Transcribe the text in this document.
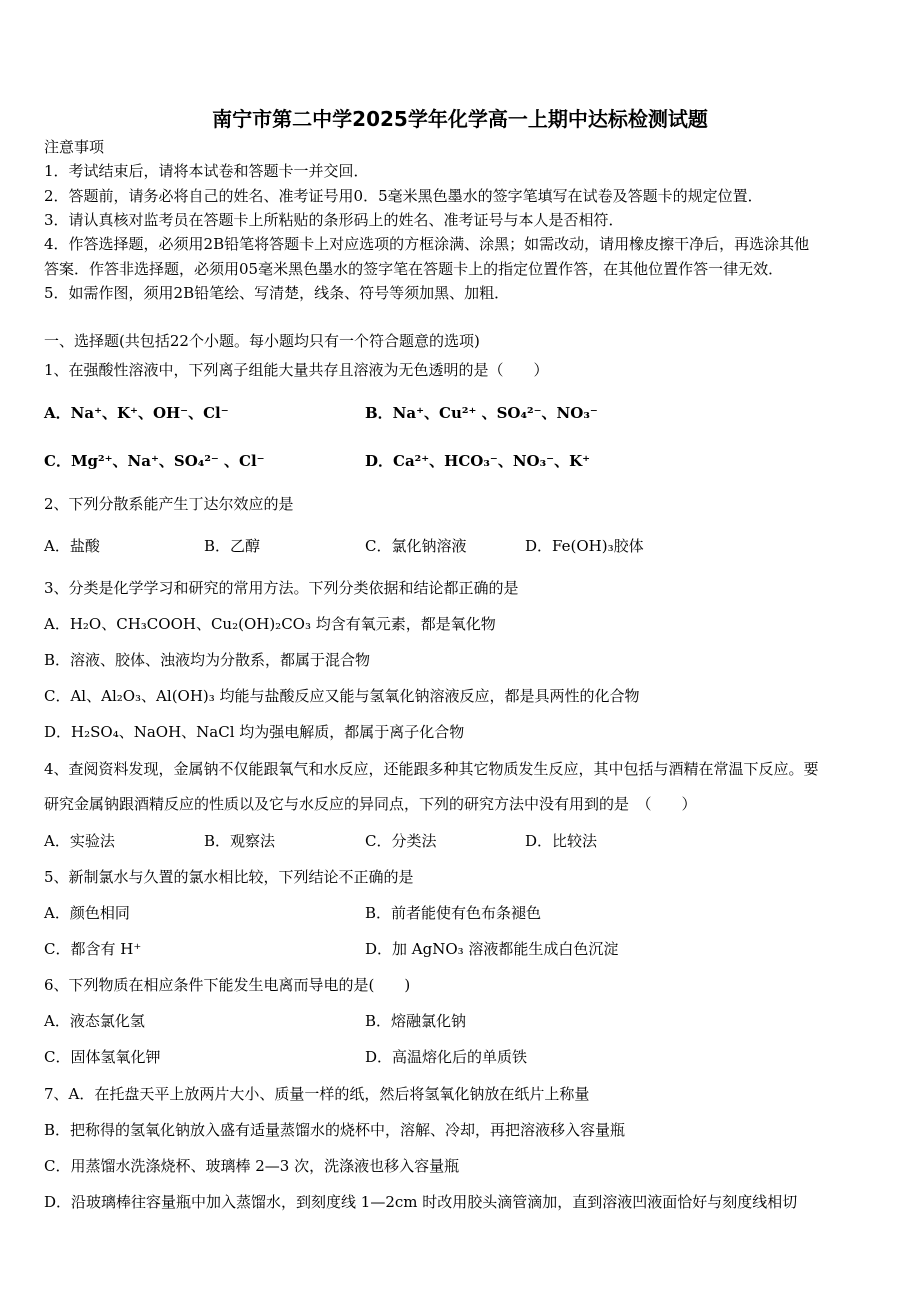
南宁市第二中学2025学年化学高一上期中达标检测试题
注意事项
1．考试结束后，请将本试卷和答题卡一并交回．
2．答题前，请务必将自己的姓名、准考证号用0．5毫米黑色墨水的签字笔填写在试卷及答题卡的规定位置．
3．请认真核对监考员在答题卡上所粘贴的条形码上的姓名、准考证号与本人是否相符．
4．作答选择题，必须用2B铅笔将答题卡上对应选项的方框涂满、涂黑；如需改动，请用橡皮擦干净后，再选涂其他
答案．作答非选择题，必须用05毫米黑色墨水的签字笔在答题卡上的指定位置作答，在其他位置作答一律无效．
5．如需作图，须用2B铅笔绘、写清楚，线条、符号等须加黑、加粗．
一、选择题(共包括22个小题。每小题均只有一个符合题意的选项)
1、在强酸性溶液中，下列离子组能大量共存且溶液为无色透明的是（　　）
A．Na⁺、K⁺、OH⁻、Cl⁻	B．Na⁺、Cu²⁺ 、SO₄²⁻、NO₃⁻
C．Mg²⁺、Na⁺、SO₄²⁻ 、Cl⁻	D．Ca²⁺、HCO₃⁻、NO₃⁻、K⁺
2、下列分散系能产生丁达尔效应的是
A．盐酸	B．乙醇	C．氯化钠溶液	D．Fe(OH)₃胶体
3、分类是化学学习和研究的常用方法。下列分类依据和结论都正确的是
A．H₂O、CH₃COOH、Cu₂(OH)₂CO₃ 均含有氧元素，都是氧化物
B．溶液、胶体、浊液均为分散系，都属于混合物
C．Al、Al₂O₃、Al(OH)₃ 均能与盐酸反应又能与氢氧化钠溶液反应，都是具两性的化合物
D．H₂SO₄、NaOH、NaCl 均为强电解质，都属于离子化合物
4、查阅资料发现，金属钠不仅能跟氧气和水反应，还能跟多种其它物质发生反应，其中包括与酒精在常温下反应。要
研究金属钠跟酒精反应的性质以及它与水反应的异同点，下列的研究方法中没有用到的是　（　　）
A．实验法	B．观察法	C．分类法	D．比较法
5、新制氯水与久置的氯水相比较，下列结论不正确的是
A．颜色相同	B．前者能使有色布条褪色
C．都含有 H⁺	D．加 AgNO₃ 溶液都能生成白色沉淀
6、下列物质在相应条件下能发生电离而导电的是(　　)
A．液态氯化氢	B．熔融氯化钠
C．固体氢氧化钾	D．高温熔化后的单质铁
7、A．在托盘天平上放两片大小、质量一样的纸，然后将氢氧化钠放在纸片上称量
B．把称得的氢氧化钠放入盛有适量蒸馏水的烧杯中，溶解、冷却，再把溶液移入容量瓶
C．用蒸馏水洗涤烧杯、玻璃棒 2—3 次，洗涤液也移入容量瓶
D．沿玻璃棒往容量瓶中加入蒸馏水，到刻度线 1—2cm 时改用胶头滴管滴加，直到溶液凹液面恰好与刻度线相切
